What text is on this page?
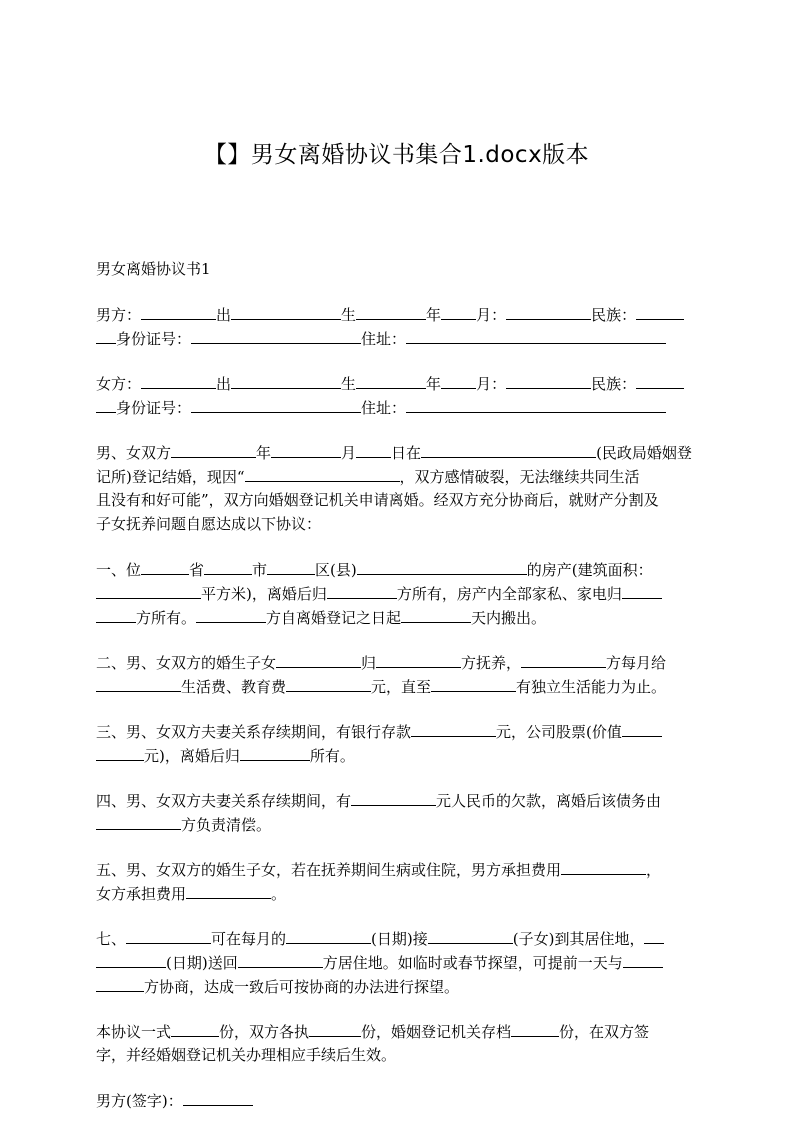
【】男女离婚协议书集合1.docx版本
男女离婚协议书1
男方：	出	生	年 月：	民族：
身份证号：	住址：
女方：	出	生	年 月：	民族：
身份证号：	住址：
男、女双方	年	月 日在	(民政局婚姻登
记所)登记结婚，现因“	，双方感情破裂，无法继续共同生活
且没有和好可能”，双方向婚姻登记机关申请离婚。经双方充分协商后，就财产分割及
子女抚养问题自愿达成以下协议：
一、位	省	市	区(县)	的房产(建筑面积：
平方米)，离婚后归	方所有，房产内全部家私、家电归
方所有。	方自离婚登记之日起	天内搬出。
二、男、女双方的婚生子女	归	方抚养，	方每月给
生活费、教育费	元，直至	有独立生活能力为止。
三、男、女双方夫妻关系存续期间，有银行存款	元，公司股票(价值
元)，离婚后归	所有。
四、男、女双方夫妻关系存续期间，有	元人民币的欠款，离婚后该债务由
方负责清偿。
五、男、女双方的婚生子女，若在抚养期间生病或住院，男方承担费用	，
女方承担费用	。
七、	可在每月的	(日期)接	(子女)到其居住地，
(日期)送回	方居住地。如临时或春节探望，可提前一天与
方协商，达成一致后可按协商的办法进行探望。
本协议一式	份，双方各执	份，婚姻登记机关存档	份，在双方签
字，并经婚姻登记机关办理相应手续后生效。
男方(签字)：
